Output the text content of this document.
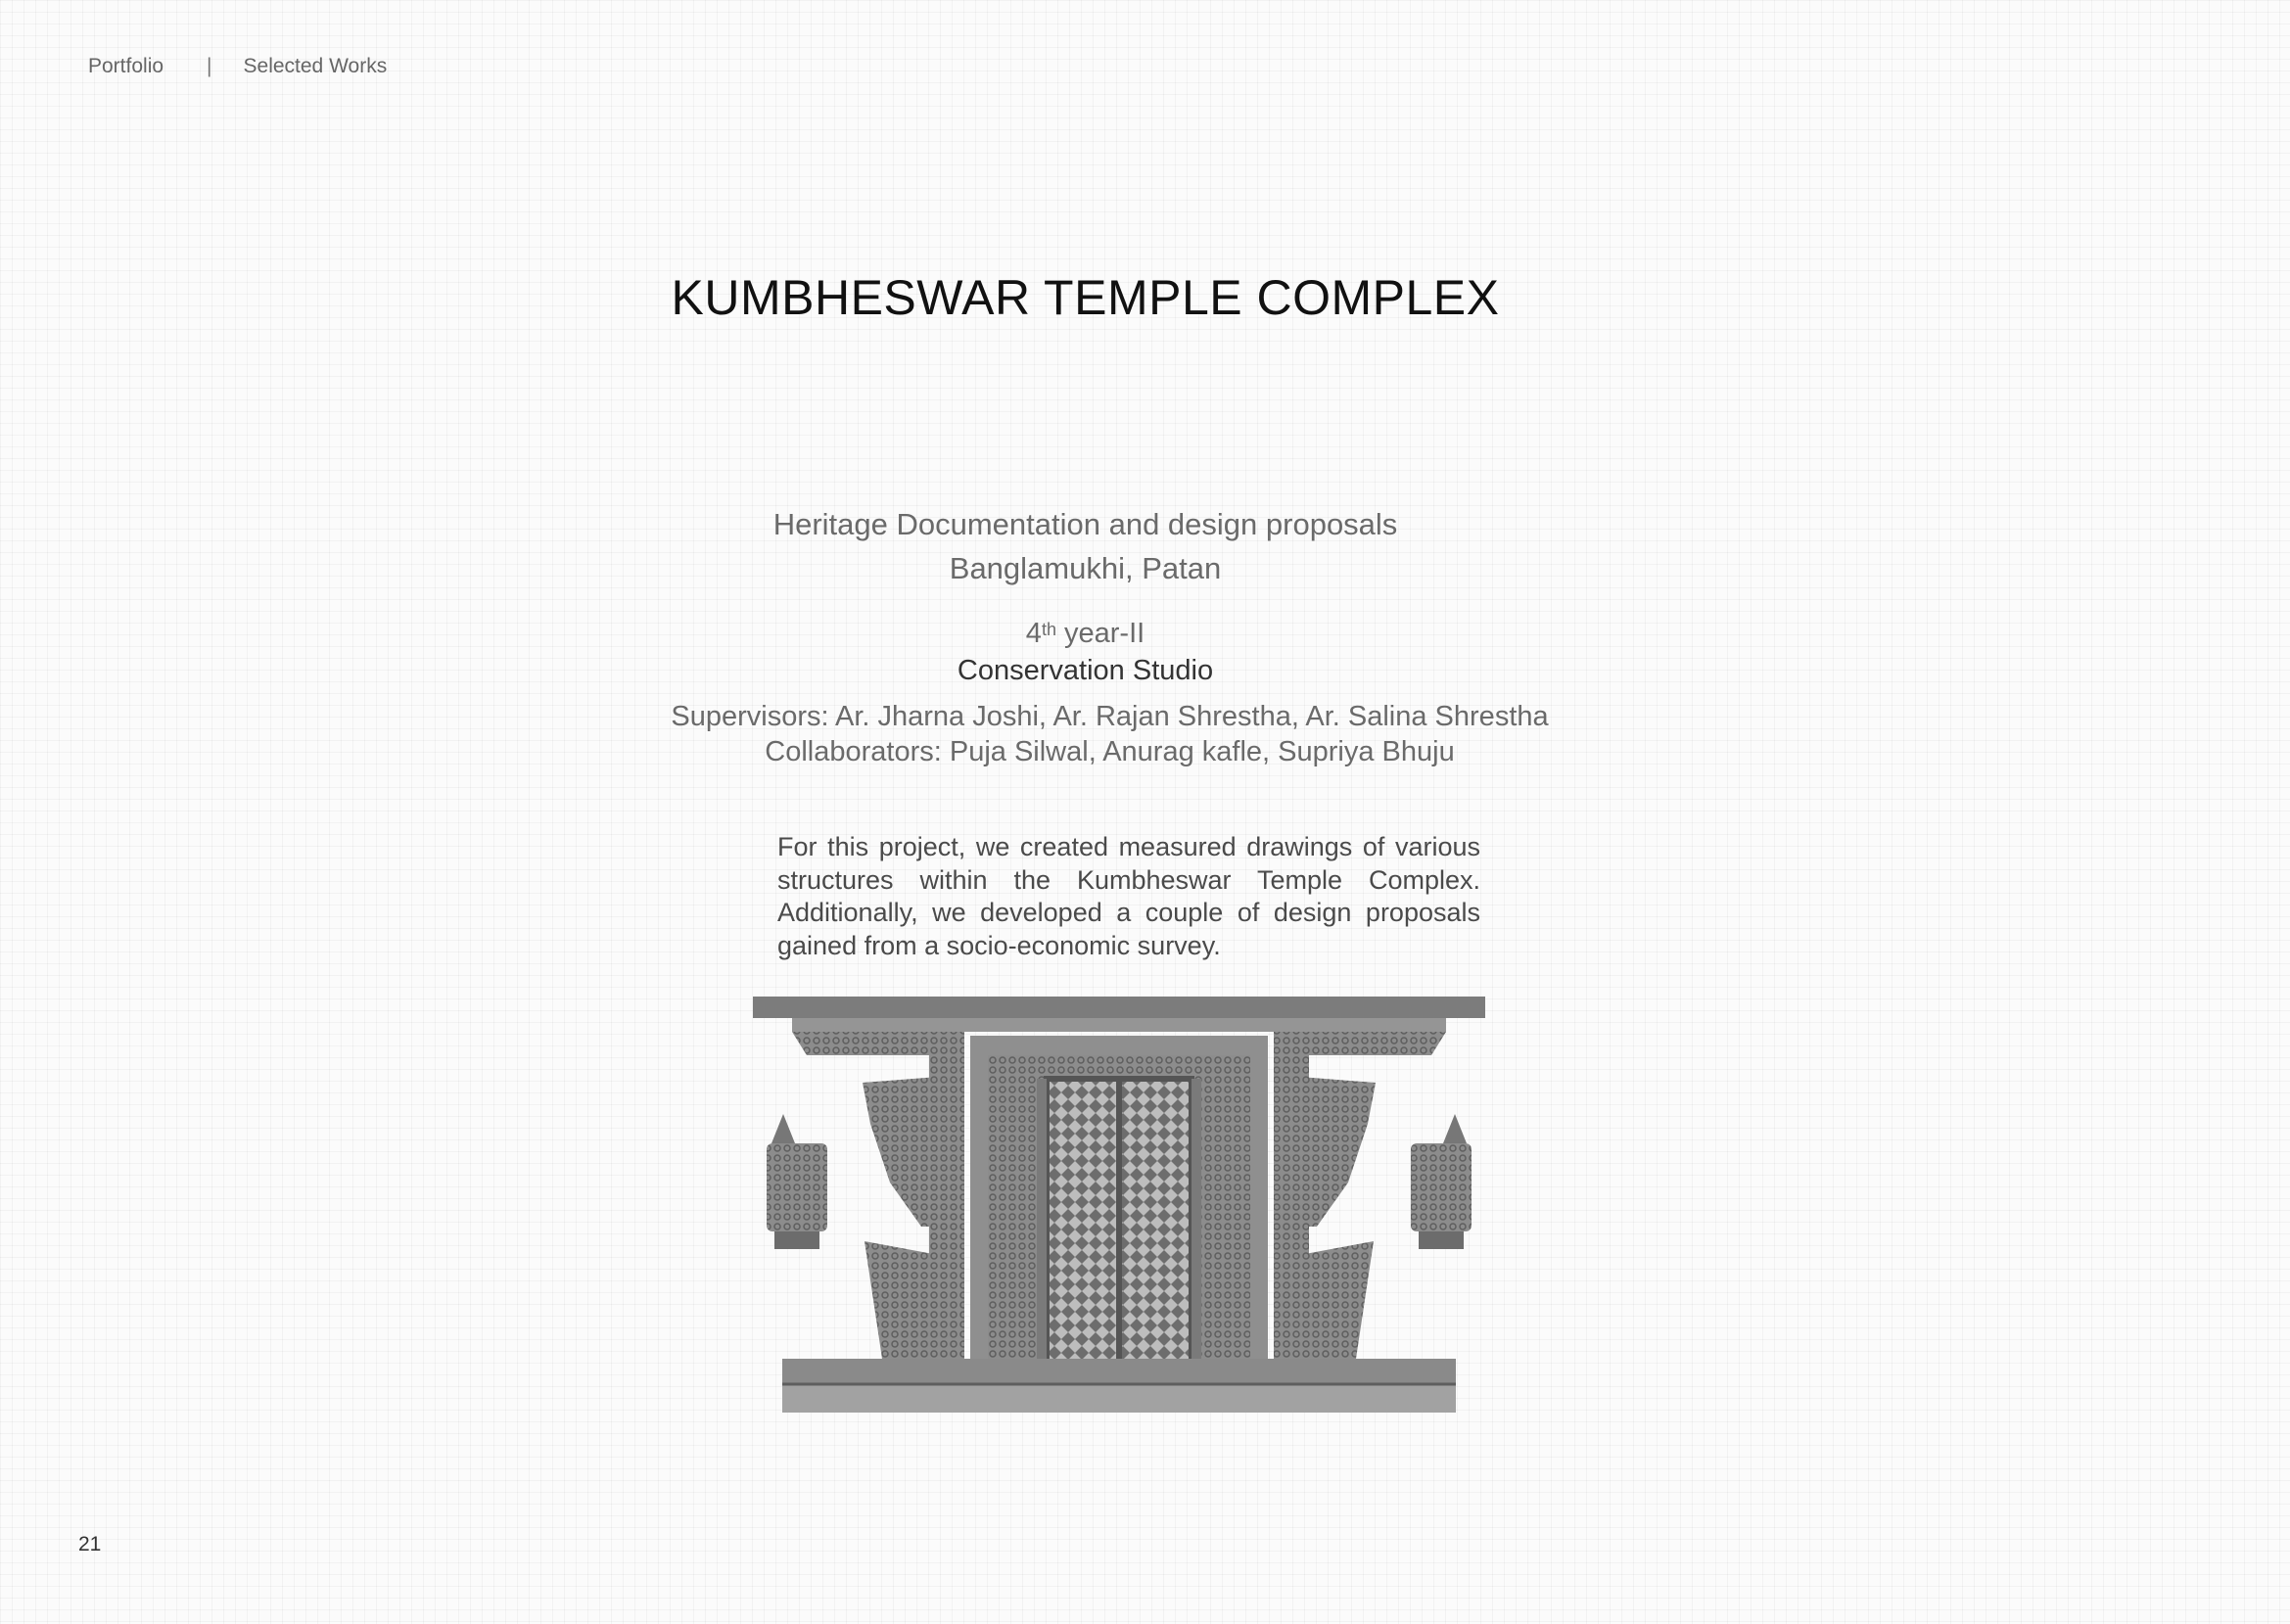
Portfolio | Selected Works
KUMBHESWAR TEMPLE COMPLEX
Heritage Documentation and design proposals
Banglamukhi, Patan
4th year-II
Conservation Studio
Supervisors: Ar. Jharna Joshi, Ar. Rajan Shrestha, Ar. Salina Shrestha
Collaborators: Puja Silwal, Anurag kafle, Supriya Bhuju
For this project, we created measured drawings of various structures within the Kumbheswar Temple Complex. Additionally, we developed a couple of design proposals gained from a socio-economic survey.
21
